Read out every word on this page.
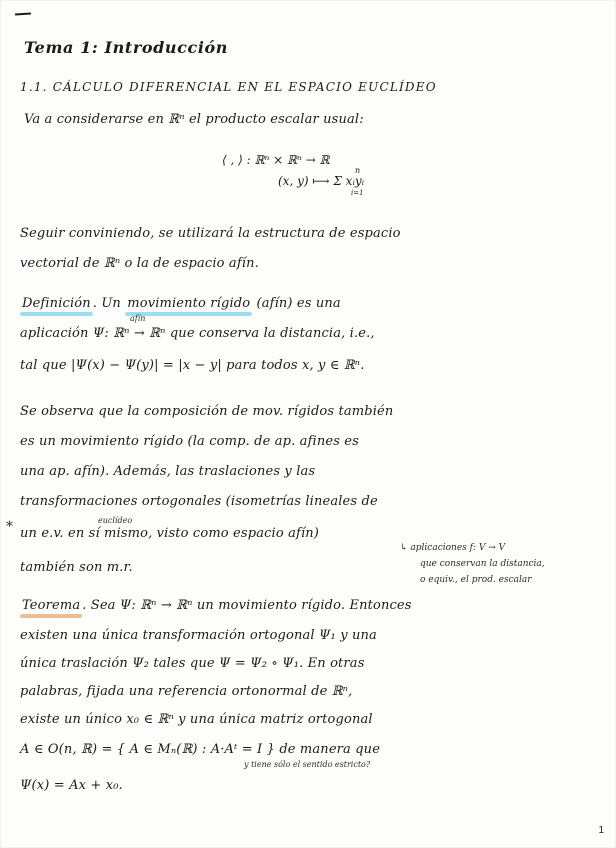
Tema 1: Introducción
1.1. CÁLCULO DIFERENCIAL EN EL ESPACIO EUCLÍDEO
Va a considerarse en ℝⁿ el producto escalar usual:
⟨ , ⟩ : ℝⁿ × ℝⁿ → ℝ
(x, y) ⟼ Σ xᵢyᵢ
n
i=1
Seguir conviniendo, se utilizará la estructura de espacio
vectorial de ℝⁿ o la de espacio afín.
Definición . Un movimiento rígido (afín) es una
afín
aplicación Ψ: ℝⁿ → ℝⁿ que conserva la distancia, i.e.,
tal que |Ψ(x) − Ψ(y)| = |x − y| para todos x, y ∈ ℝⁿ.
Se observa que la composición de mov. rígidos también
es un movimiento rígido (la comp. de ap. afines es
una ap. afín). Además, las traslaciones y las
transformaciones ortogonales (isometrías lineales de
euclídeo
un e.v. en sí mismo, visto como espacio afín)
*
también son m.r.
↳ aplicaciones f: V → V
que conservan la distancia,
o equiv., el prod. escalar
Teorema . Sea Ψ: ℝⁿ → ℝⁿ un movimiento rígido. Entonces
existen una única transformación ortogonal Ψ₁ y una
única traslación Ψ₂ tales que Ψ = Ψ₂ ∘ Ψ₁. En otras
palabras, fijada una referencia ortonormal de ℝⁿ,
existe un único x₀ ∈ ℝⁿ y una única matriz ortogonal
A ∈ O(n, ℝ) = { A ∈ Mₙ(ℝ) : A·Aᵗ = I } de manera que
y tiene sólo el sentido estricto?
Ψ(x) = Ax + x₀.
1
